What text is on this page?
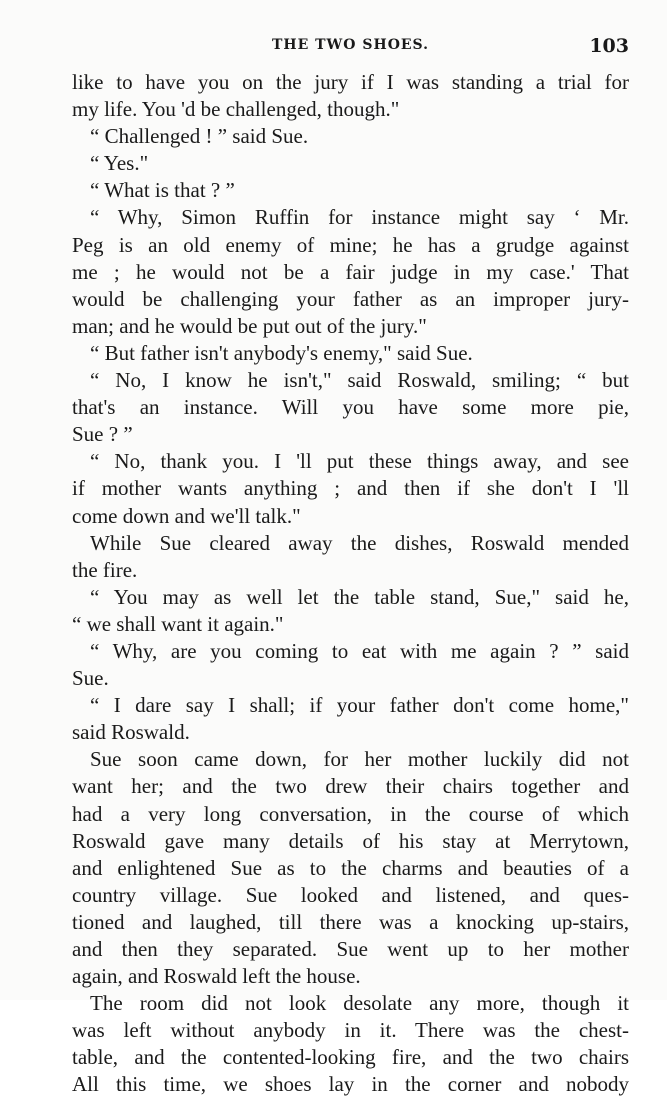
THE TWO SHOES.	103
like to have you on the jury if I was standing a trial for
my life. You 'd be challenged, though."
“ Challenged ! ” said Sue.
“ Yes."
“ What is that ? ”
“ Why, Simon Ruffin for instance might say ‘ Mr.
Peg is an old enemy of mine; he has a grudge against
me ; he would not be a fair judge in my case.' That
would be challenging your father as an improper jury-
man; and he would be put out of the jury."
“ But father isn't anybody's enemy," said Sue.
“ No, I know he isn't," said Roswald, smiling; “ but
that's an instance. Will you have some more pie,
Sue ? ”
“ No, thank you. I 'll put these things away, and see
if mother wants anything ; and then if she don't I 'll
come down and we'll talk."
While Sue cleared away the dishes, Roswald mended
the fire.
“ You may as well let the table stand, Sue," said he,
“ we shall want it again."
“ Why, are you coming to eat with me again ? ” said
Sue.
“ I dare say I shall; if your father don't come home,"
said Roswald.
Sue soon came down, for her mother luckily did not
want her; and the two drew their chairs together and
had a very long conversation, in the course of which
Roswald gave many details of his stay at Merrytown,
and enlightened Sue as to the charms and beauties of a
country village. Sue looked and listened, and ques-
tioned and laughed, till there was a knocking up-stairs,
and then they separated. Sue went up to her mother
again, and Roswald left the house.
The room did not look desolate any more, though it
was left without anybody in it. There was the chest-
table, and the contented-looking fire, and the two chairs
All this time, we shoes lay in the corner and nobody
